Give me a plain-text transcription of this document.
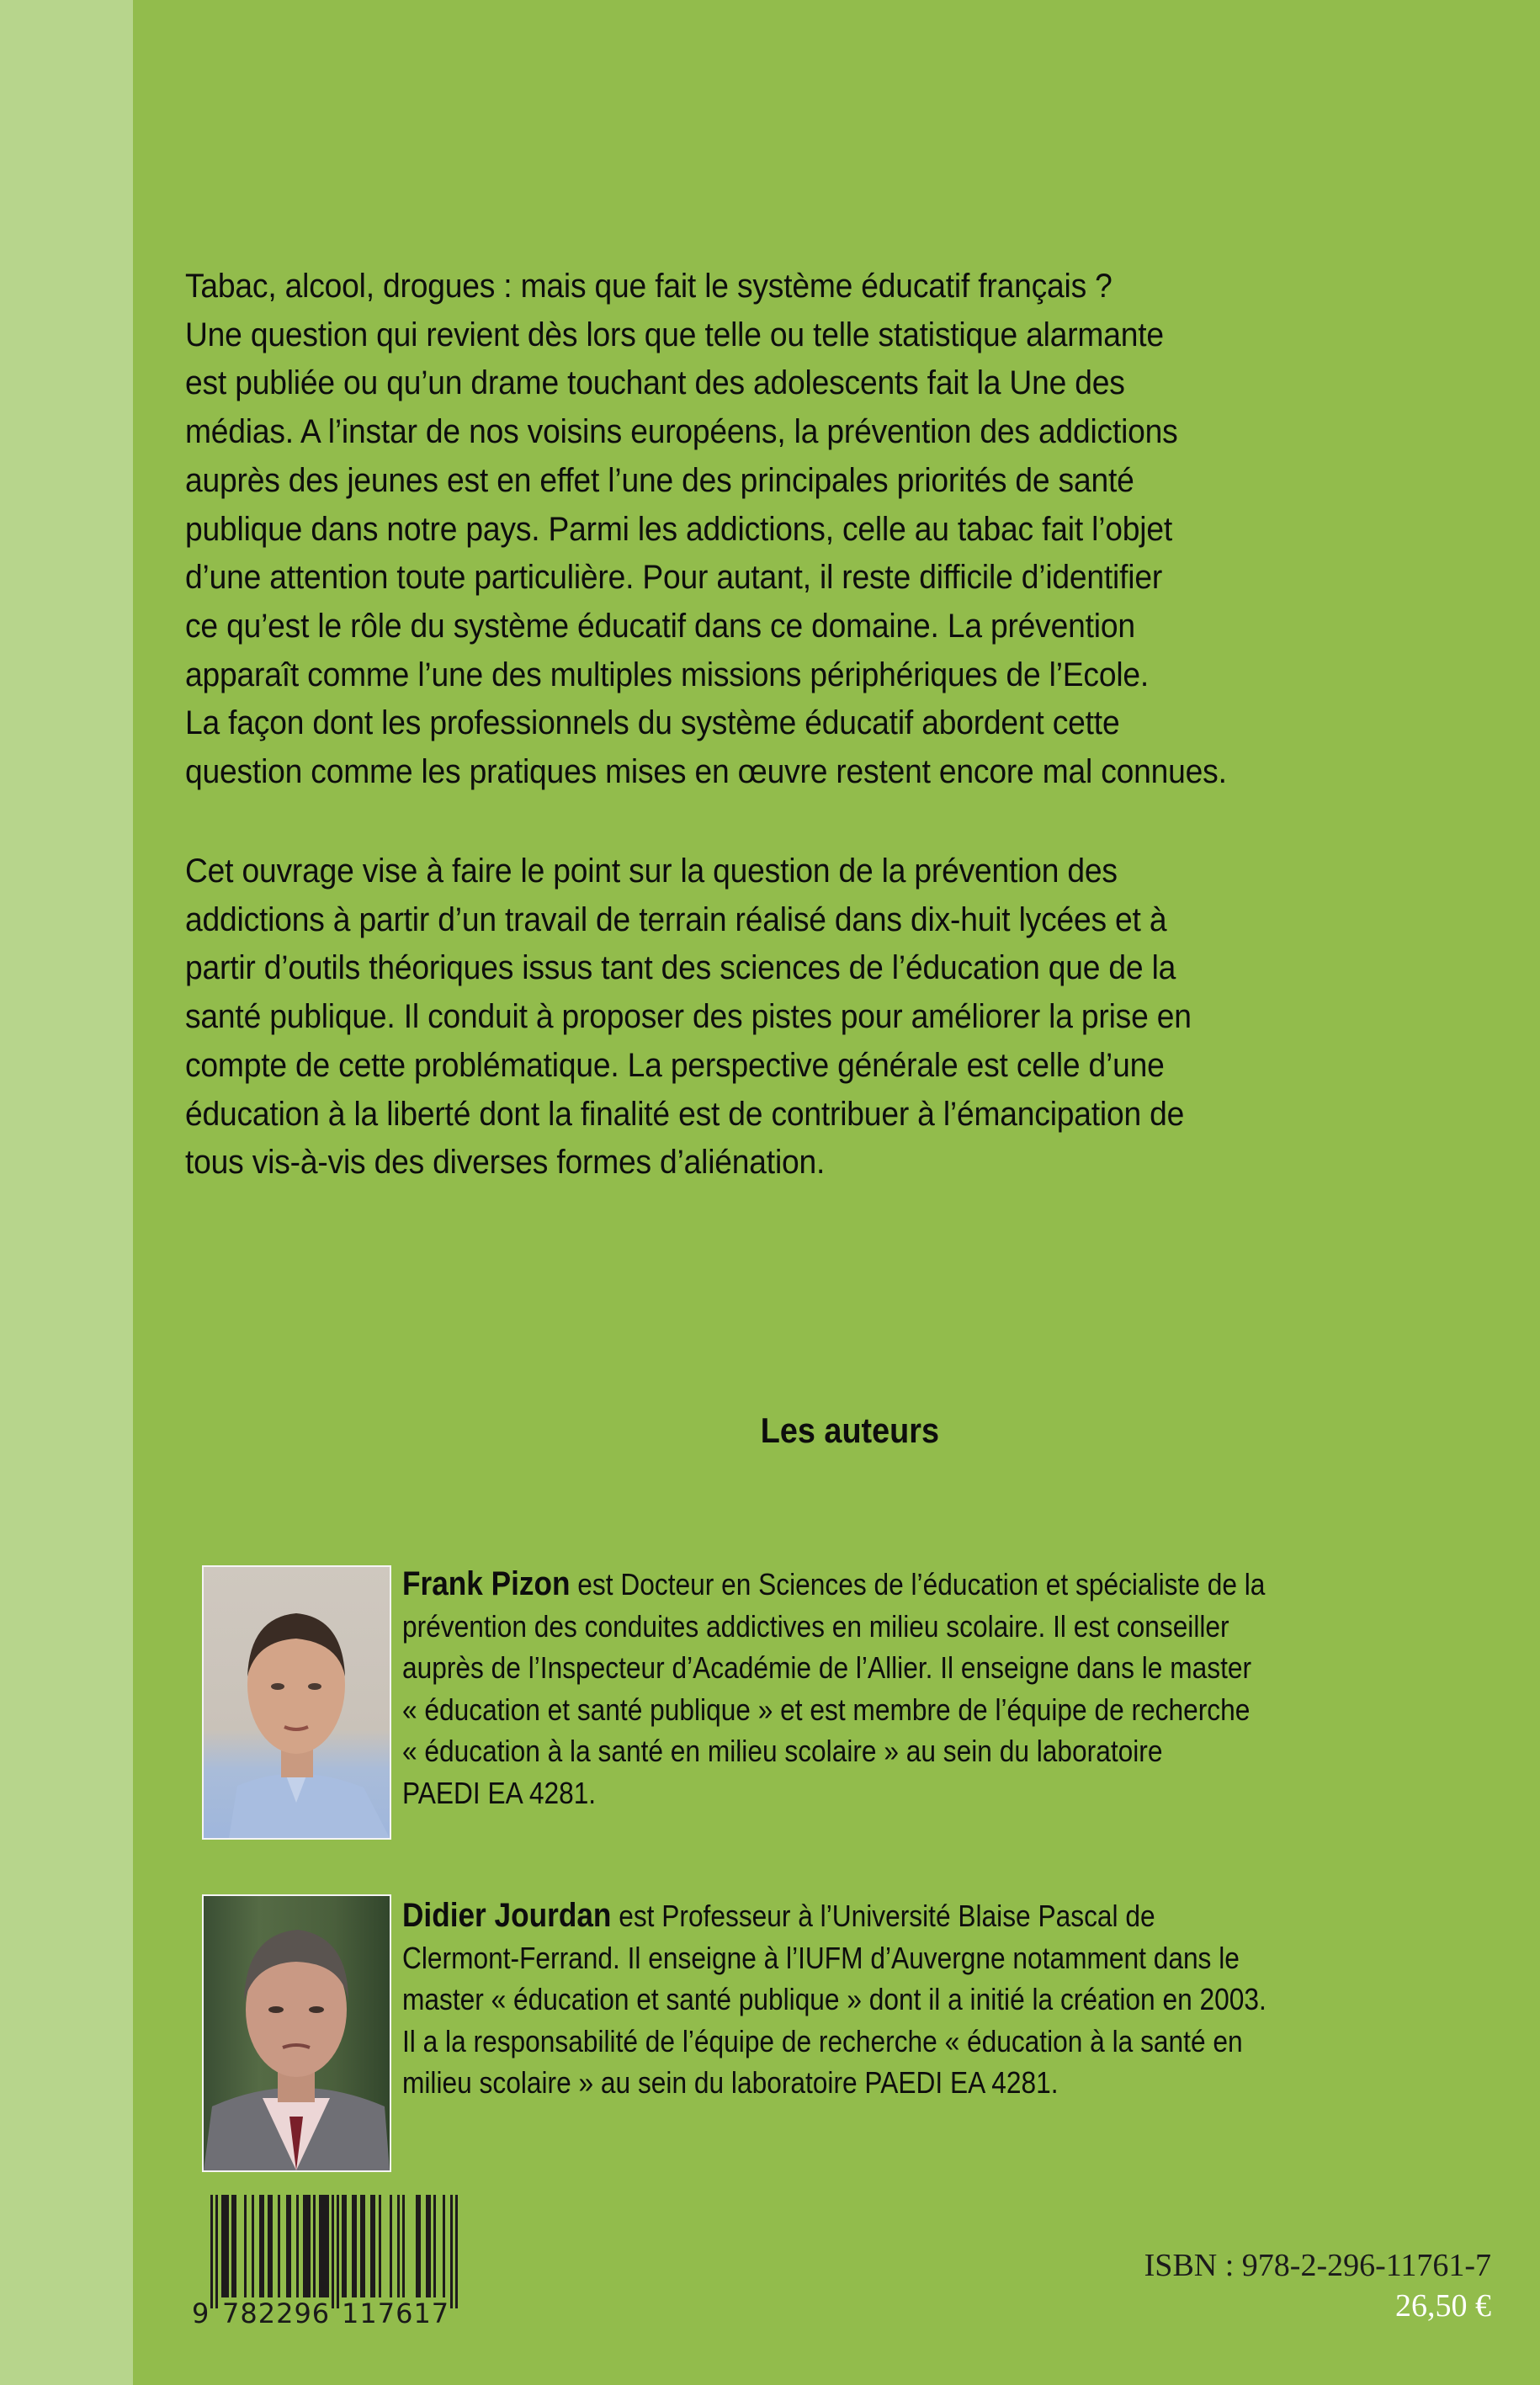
Tabac, alcool, drogues : mais que fait le système éducatif français ?
Une question qui revient dès lors que telle ou telle statistique alarmante
est publiée ou qu’un drame touchant des adolescents fait la Une des
médias. A l’instar de nos voisins européens, la prévention des addictions
auprès des jeunes est en effet l’une des principales priorités de santé
publique dans notre pays. Parmi les addictions, celle au tabac fait l’objet
d’une attention toute particulière. Pour autant, il reste difficile d’identifier
ce qu’est le rôle du système éducatif dans ce domaine. La prévention
apparaît comme l’une des multiples missions périphériques de l’Ecole.
La façon dont les professionnels du système éducatif abordent cette
question comme les pratiques mises en œuvre restent encore mal connues.
Cet ouvrage vise à faire le point sur la question de la prévention des
addictions à partir d’un travail de terrain réalisé dans dix-huit lycées et à
partir d’outils théoriques issus tant des sciences de l’éducation que de la
santé publique. Il conduit à proposer des pistes pour améliorer la prise en
compte de cette problématique. La perspective générale est celle d’une
éducation à la liberté dont la finalité est de contribuer à l’émancipation de
tous vis-à-vis des diverses formes d’aliénation.
Les auteurs
Frank Pizon est Docteur en Sciences de l’éducation et spécialiste de la
prévention des conduites addictives en milieu scolaire. Il est conseiller
auprès de l’Inspecteur d’Académie de l’Allier. Il enseigne dans le master
« éducation et santé publique » et est membre de l’équipe de recherche
« éducation à la santé en milieu scolaire » au sein du laboratoire
PAEDI EA 4281.
Didier Jourdan est Professeur à l’Université Blaise Pascal de
Clermont-Ferrand. Il enseigne à l’IUFM d’Auvergne notamment dans le
master « éducation et santé publique » dont il a initié la création en 2003.
Il a la responsabilité de l’équipe de recherche « éducation à la santé en
milieu scolaire » au sein du laboratoire PAEDI EA 4281.
9 782296 117617
ISBN : 978-2-296-11761-7
26,50 €
